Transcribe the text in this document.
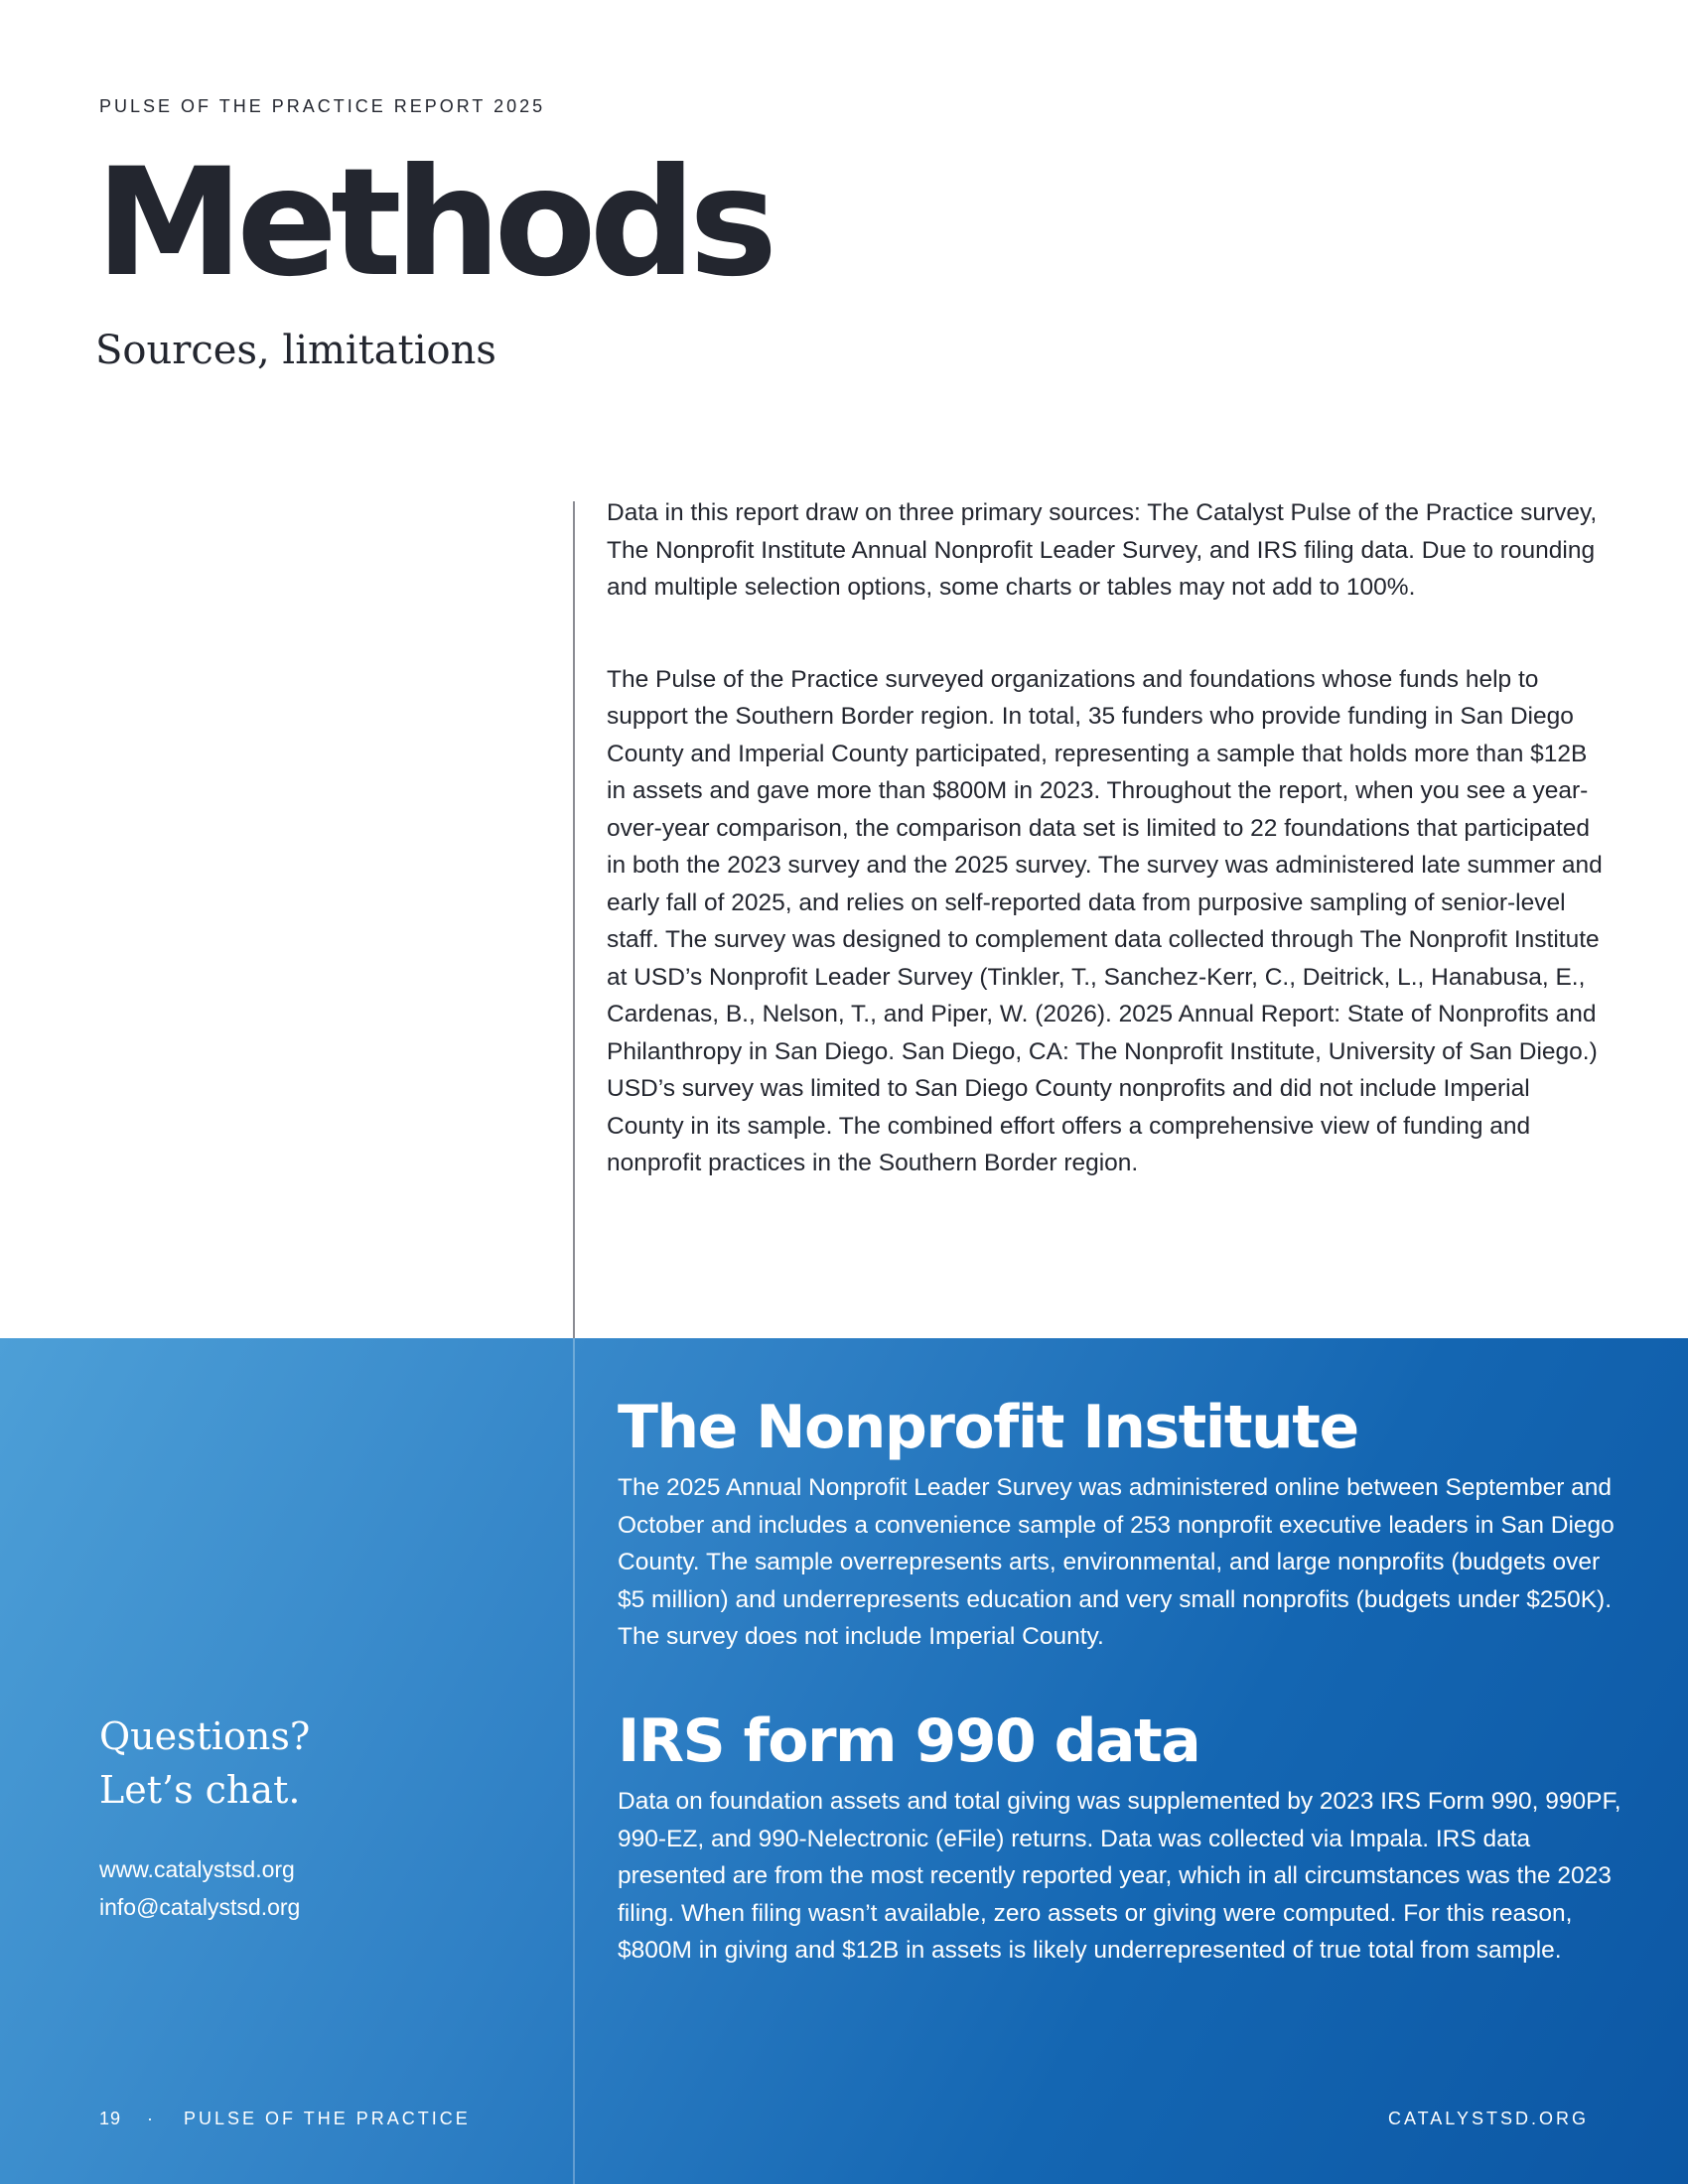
PULSE OF THE PRACTICE REPORT 2025
Methods
Sources, limitations

Data in this report draw on three primary sources: The Catalyst Pulse of the Practice survey, The Nonprofit Institute Annual Nonprofit Leader Survey, and IRS filing data. Due to rounding and multiple selection options, some charts or tables may not add to 100%.

The Pulse of the Practice surveyed organizations and foundations whose funds help to support the Southern Border region. In total, 35 funders who provide funding in San Diego County and Imperial County participated, representing a sample that holds more than $12B in assets and gave more than $800M in 2023. Throughout the report, when you see a year-over-year comparison, the comparison data set is limited to 22 foundations that participated in both the 2023 survey and the 2025 survey. The survey was administered late summer and early fall of 2025, and relies on self-reported data from purposive sampling of senior-level staff. The survey was designed to complement data collected through The Nonprofit Institute at USD’s Nonprofit Leader Survey (Tinkler, T., Sanchez-Kerr, C., Deitrick, L., Hanabusa, E., Cardenas, B., Nelson, T., and Piper, W. (2026). 2025 Annual Report: State of Nonprofits and Philanthropy in San Diego. San Diego, CA: The Nonprofit Institute, University of San Diego.) USD’s survey was limited to San Diego County nonprofits and did not include Imperial County in its sample. The combined effort offers a comprehensive view of funding and nonprofit practices in the Southern Border region.

The Nonprofit Institute

The 2025 Annual Nonprofit Leader Survey was administered online between September and October and includes a convenience sample of 253 nonprofit executive leaders in San Diego County. The sample overrepresents arts, environmental, and large nonprofits (budgets over $5 million) and underrepresents education and very small nonprofits (budgets under $250K). The survey does not include Imperial County.

IRS form 990 data

Data on foundation assets and total giving was supplemented by 2023 IRS Form 990, 990PF, 990-EZ, and 990-Nelectronic (eFile) returns. Data was collected via Impala. IRS data presented are from the most recently reported year, which in all circumstances was the 2023 filing. When filing wasn’t available, zero assets or giving were computed. For this reason, $800M in giving and $12B in assets is likely underrepresented of true total from sample.

Questions?
Let’s chat.
www.catalystsd.org
info@catalystsd.org
19 · PULSE OF THE PRACTICE	CATALYSTSD.ORG
